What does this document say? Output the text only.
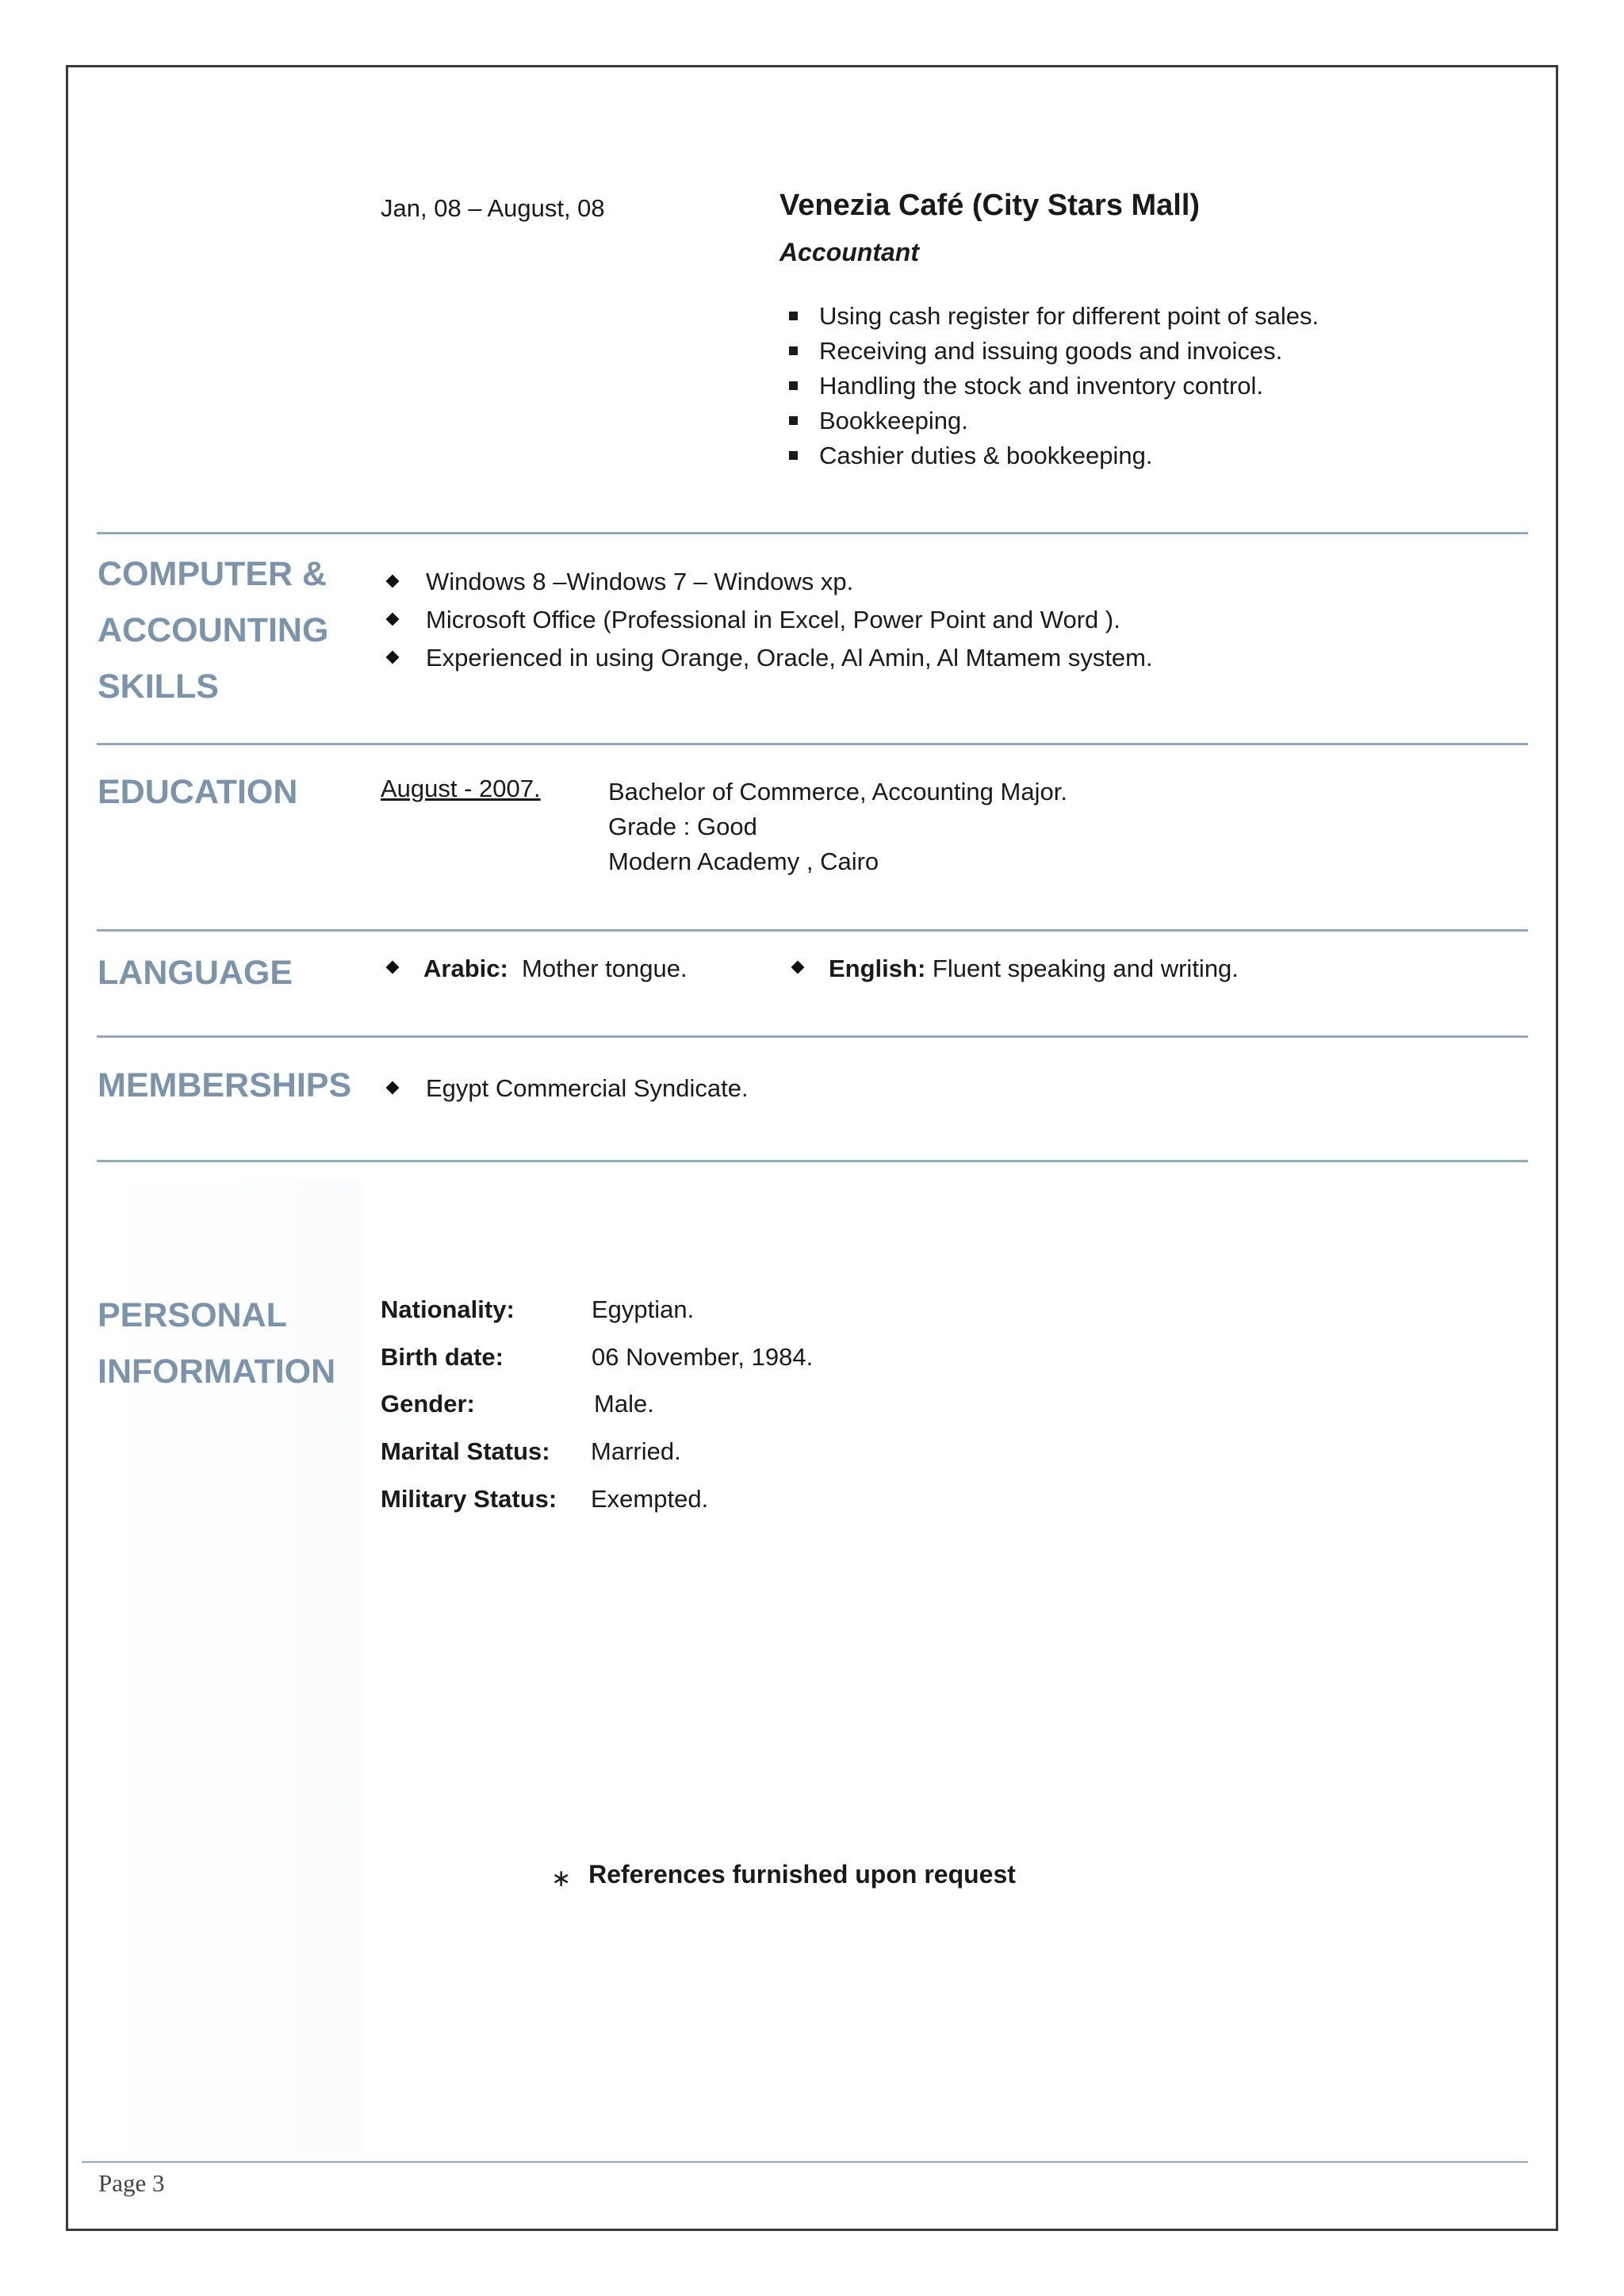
Jan, 08 – August, 08	Venezia Café (City Stars Mall)
Accountant
Using cash register for different point of sales.
Receiving and issuing goods and invoices.
Handling the stock and inventory control.
Bookkeeping.
Cashier duties & bookkeeping.
COMPUTER &
ACCOUNTING
SKILLS
Windows 8 –Windows 7 – Windows xp.
Microsoft Office (Professional in Excel, Power Point and Word ).
Experienced in using Orange, Oracle, Al Amin, Al Mtamem system.
EDUCATION	August - 2007.	Bachelor of Commerce, Accounting Major.
Grade : Good
Modern Academy , Cairo
LANGUAGE	Arabic: Mother tongue.	English: Fluent speaking and writing.
MEMBERSHIPS	Egypt Commercial Syndicate.
PERSONAL
INFORMATION
Nationality:	Egyptian.
Birth date:	06 November, 1984.
Gender:	Male.
Marital Status: Married.
Military Status: Exempted.
∗ References furnished upon request
Page 3
